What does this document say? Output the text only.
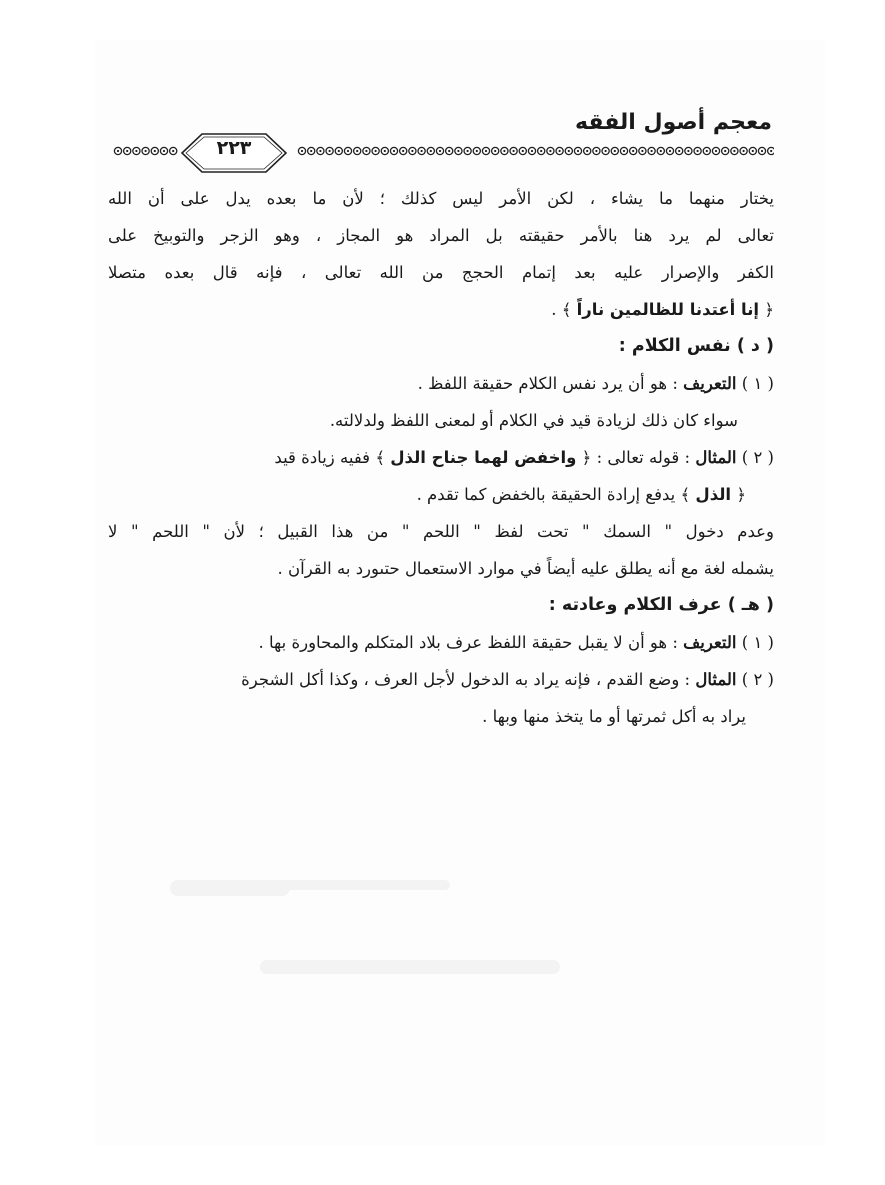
معجم أصول الفقه
٢٢٣
يختار منهما ما يشاء ، لكن الأمر ليس كذلك ؛ لأن ما بعده يدل على أن الله
تعالى لم يرد هنا بالأمر حقيقته بل المراد هو المجاز ، وهو الزجر والتوبيخ على
الكفر والإصرار عليه بعد إتمام الحجج من الله تعالى ، فإنه قال بعده متصلا
﴿ إنا أعتدنا للظالمين ناراً ﴾ .
( د ) نفس الكلام :
( ١ ) التعريف : هو أن يرد نفس الكلام حقيقة اللفظ .
سواء كان ذلك لزيادة قيد في الكلام أو لمعنى اللفظ ولدلالته.
( ٢ ) المثال : قوله تعالى : ﴿ واخفض لهما جناح الذل ﴾ ففيه زيادة قيد
﴿ الذل ﴾ يدفع إرادة الحقيقة بالخفض كما تقدم .
وعدم دخول " السمك " تحت لفظ " اللحم " من هذا القبيل ؛ لأن " اللحم " لا
يشمله لغة مع أنه يطلق عليه أيضاً في موارد الاستعمال حتىورد به القرآن .
( هـ ) عرف الكلام وعادته :
( ١ ) التعريف : هو أن لا يقبل حقيقة اللفظ عرف بلاد المتكلم والمحاورة بها .
( ٢ ) المثال : وضع القدم ، فإنه يراد به الدخول لأجل العرف ، وكذا أكل الشجرة
يراد به أكل ثمرتها أو ما يتخذ منها وبها .
